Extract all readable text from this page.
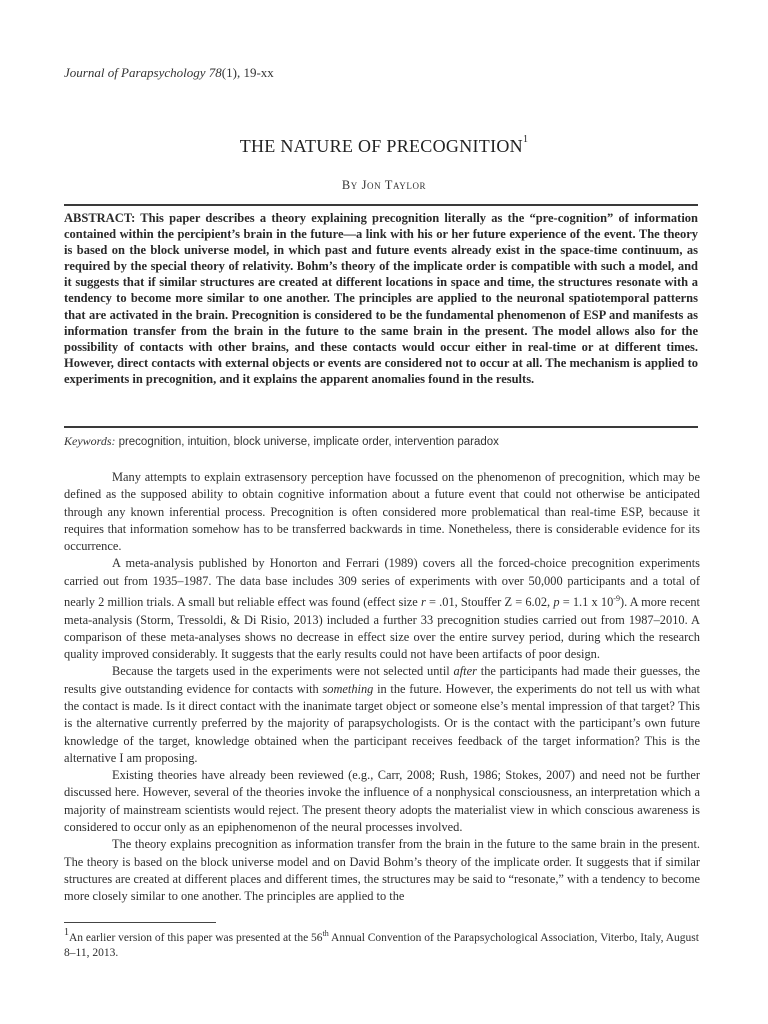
Journal of Parapsychology 78(1), 19-xx
THE NATURE OF PRECOGNITION$^1$
By Jon Taylor

ABSTRACT: This paper describes a theory explaining precognition literally as the “pre-cognition” of information contained within the percipient’s brain in the future—a link with his or her future experience of the event. The theory is based on the block universe model, in which past and future events already exist in the space-time continuum, as required by the special theory of relativity. Bohm’s theory of the implicate order is compatible with such a model, and it suggests that if similar structures are created at different locations in space and time, the structures resonate with a tendency to become more similar to one another. The principles are applied to the neuronal spatiotemporal patterns that are activated in the brain. Precognition is considered to be the fundamental phenomenon of ESP and manifests as information transfer from the brain in the future to the same brain in the present. The model allows also for the possibility of contacts with other brains, and these contacts would occur either in real-time or at different times. However, direct contacts with external objects or events are considered not to occur at all. The mechanism is applied to experiments in precognition, and it explains the apparent anomalies found in the results.

Keywords: precognition, intuition, block universe, implicate order, intervention paradox

Many attempts to explain extrasensory perception have focussed on the phenomenon of precognition, which may be defined as the supposed ability to obtain cognitive information about a future event that could not otherwise be anticipated through any known inferential process. Precognition is often considered more problematical than real-time ESP, because it requires that information somehow has to be transferred backwards in time. Nonetheless, there is considerable evidence for its occurrence.

A meta-analysis published by Honorton and Ferrari (1989) covers all the forced-choice precognition experiments carried out from 1935–1987. The data base includes 309 series of experiments with over 50,000 participants and a total of nearly 2 million trials. A small but reliable effect was found (effect size r = .01, Stouffer Z = 6.02, p = 1.1 x $10^{-9}$). A more recent meta-analysis (Storm, Tressoldi, & Di Risio, 2013) included a further 33 precognition studies carried out from 1987–2010. A comparison of these meta-analyses shows no decrease in effect size over the entire survey period, during which the research quality improved considerably. It suggests that the early results could not have been artifacts of poor design.

Because the targets used in the experiments were not selected until after the participants had made their guesses, the results give outstanding evidence for contacts with something in the future. However, the experiments do not tell us with what the contact is made. Is it direct contact with the inanimate target object or someone else’s mental impression of that target? This is the alternative currently preferred by the majority of parapsychologists. Or is the contact with the participant’s own future knowledge of the target, knowledge obtained when the participant receives feedback of the target information? This is the alternative I am proposing.

Existing theories have already been reviewed (e.g., Carr, 2008; Rush, 1986; Stokes, 2007) and need not be further discussed here. However, several of the theories invoke the influence of a nonphysical consciousness, an interpretation which a majority of mainstream scientists would reject. The present theory adopts the materialist view in which conscious awareness is considered to occur only as an epiphenomenon of the neural processes involved.

The theory explains precognition as information transfer from the brain in the future to the same brain in the present. The theory is based on the block universe model and on David Bohm’s theory of the implicate order. It suggests that if similar structures are created at different places and different times, the structures may be said to “resonate,” with a tendency to become more closely similar to one another. The principles are applied to the

$^1$An earlier version of this paper was presented at the 56th Annual Convention of the Parapsychological Association, Viterbo, Italy, August 8–11, 2013.
